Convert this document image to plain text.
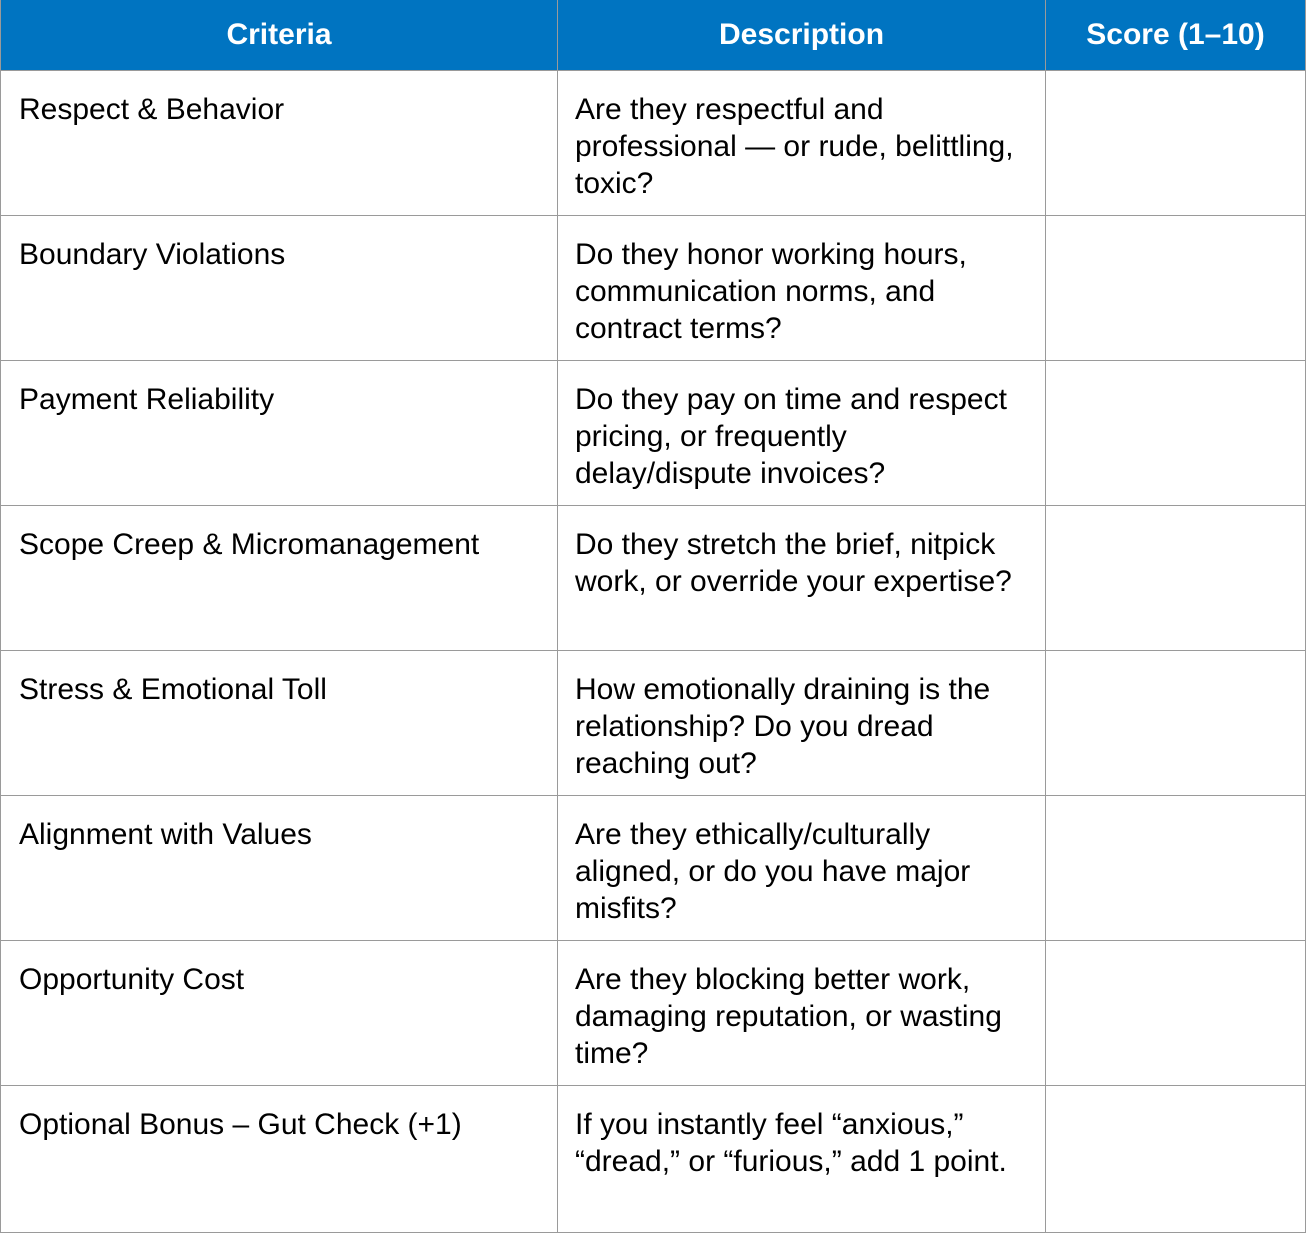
Criteria	Description	Score (1–10)
Respect & Behavior	Are they respectful and professional — or rude, belittling, toxic?	
Boundary Violations	Do they honor working hours, communication norms, and contract terms?	
Payment Reliability	Do they pay on time and respect pricing, or frequently delay/dispute invoices?	
Scope Creep & Micromanagement	Do they stretch the brief, nitpick work, or override your expertise?	
Stress & Emotional Toll	How emotionally draining is the relationship? Do you dread reaching out?	
Alignment with Values	Are they ethically/culturally aligned, or do you have major misfits?	
Opportunity Cost	Are they blocking better work, damaging reputation, or wasting time?	
Optional Bonus – Gut Check (+1)	If you instantly feel “anxious,” “dread,” or “furious,” add 1 point.	
